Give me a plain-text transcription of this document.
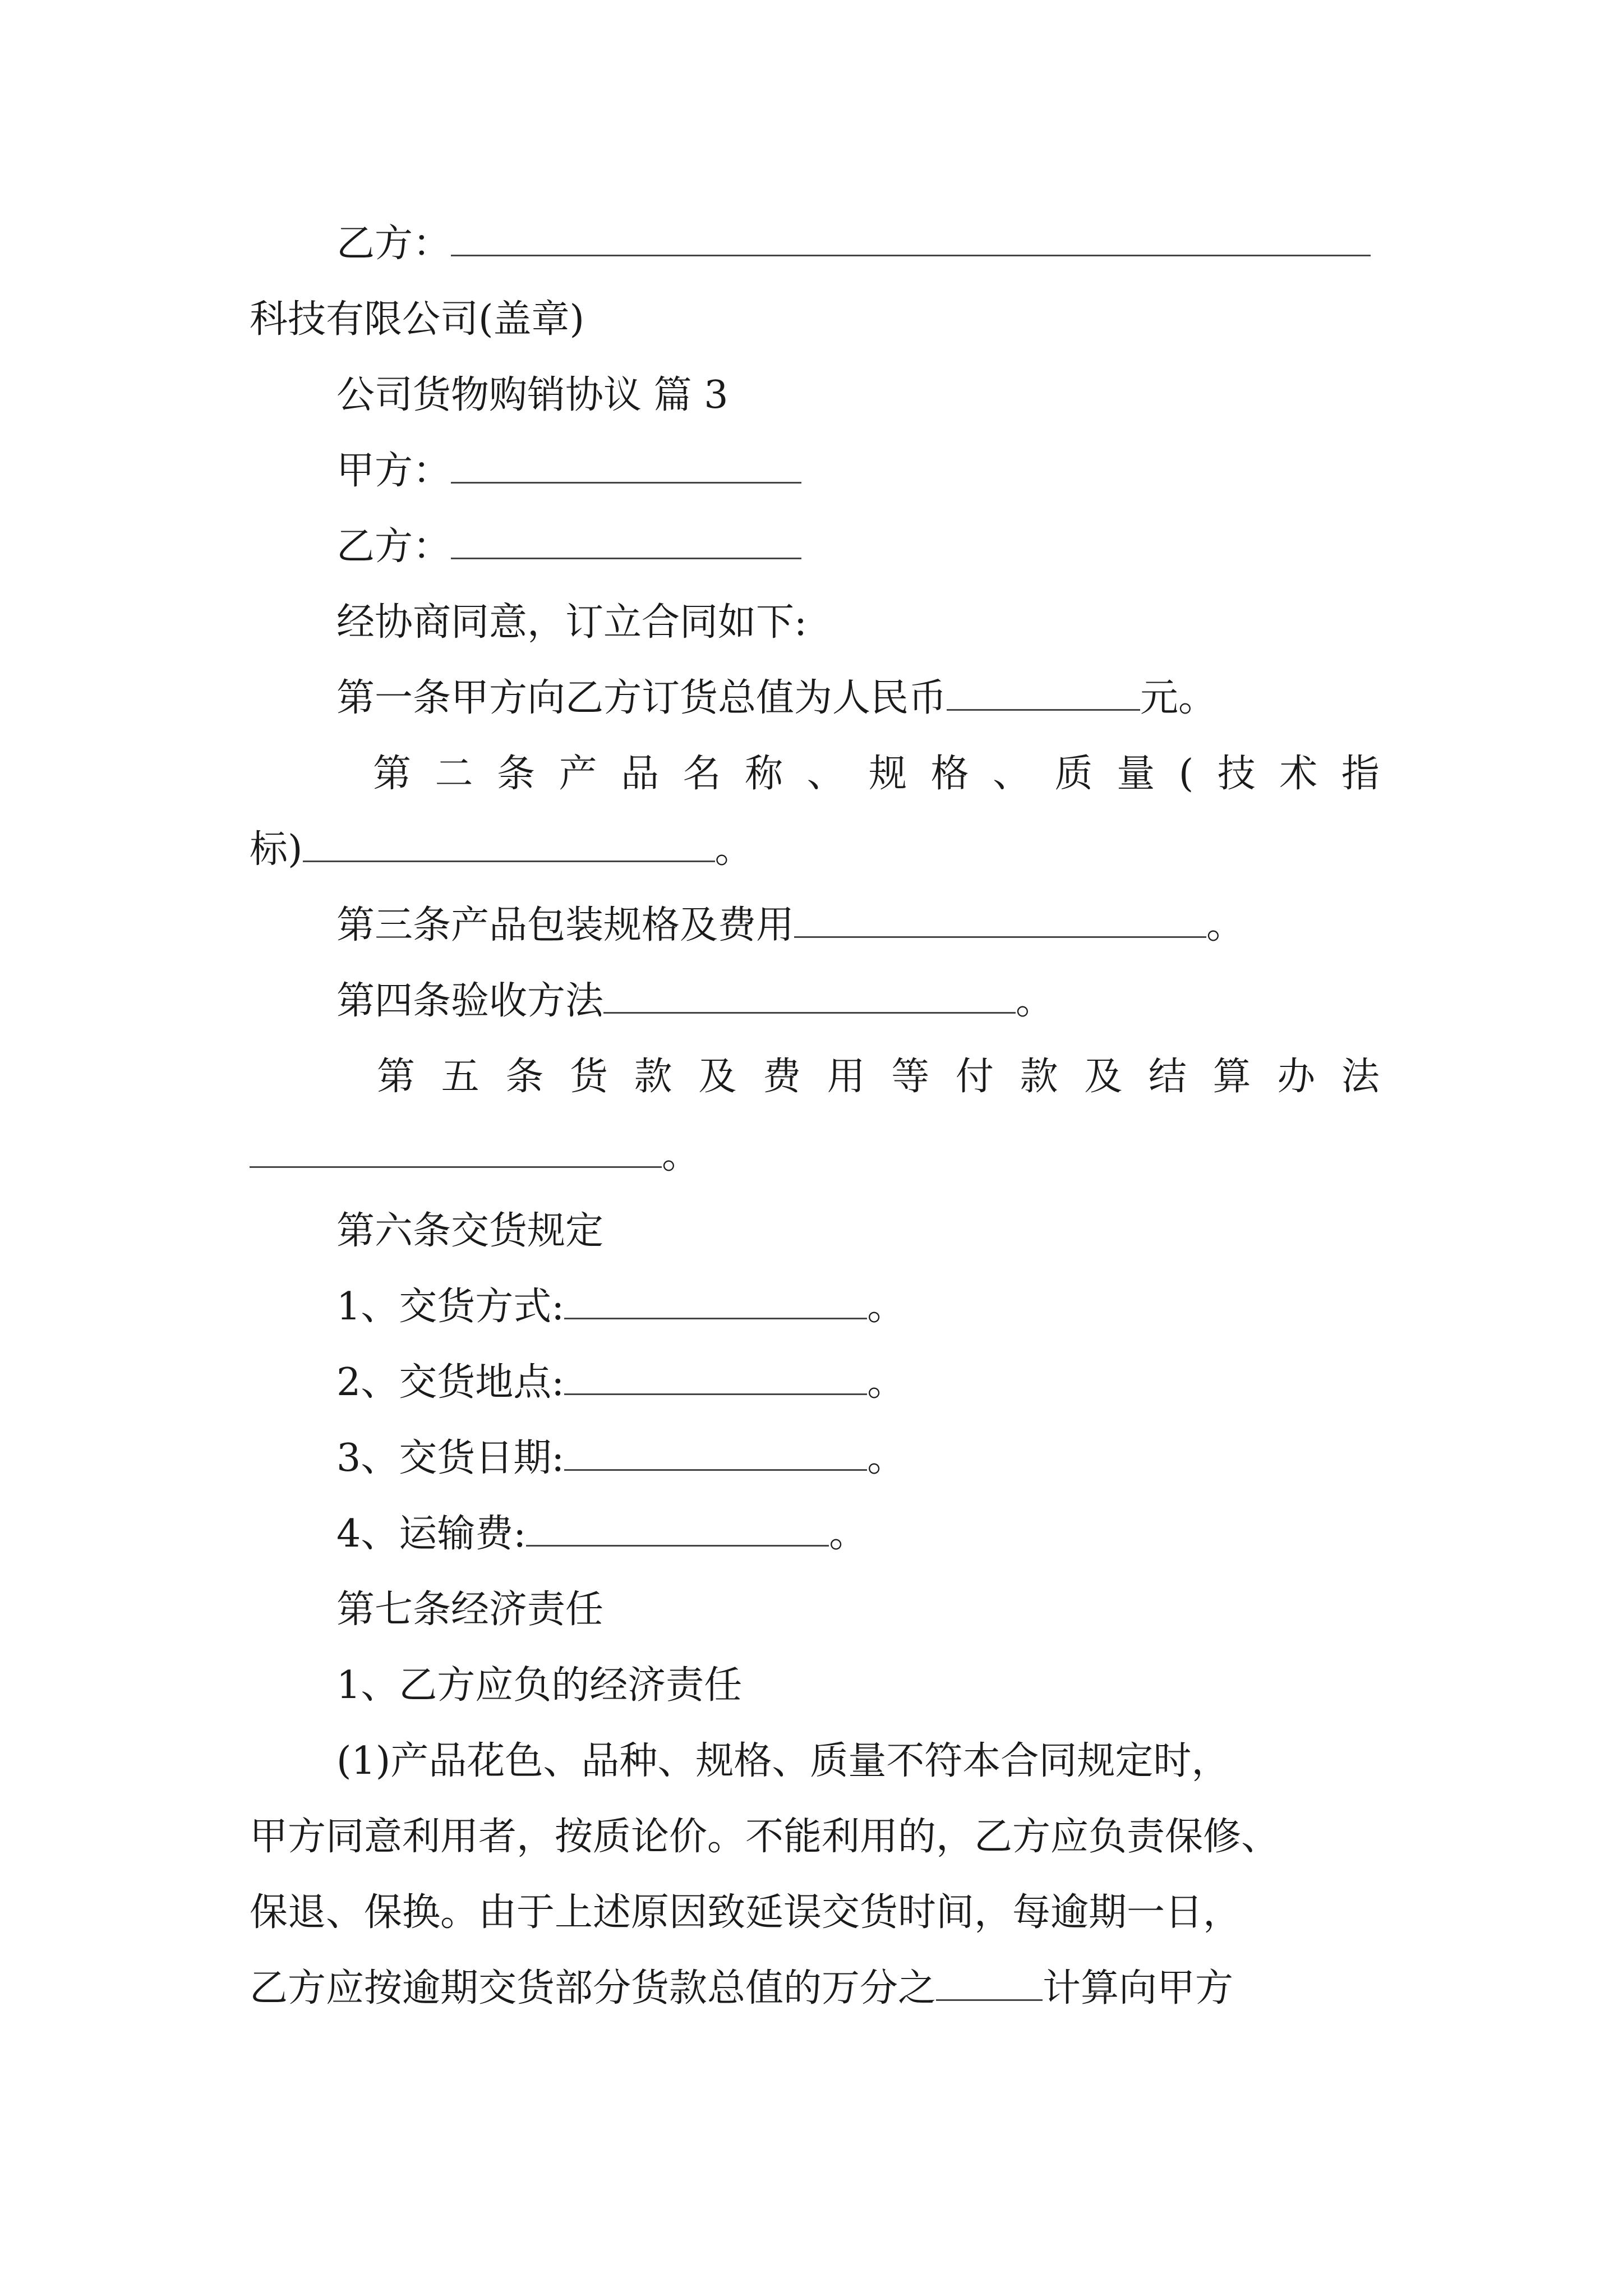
乙方：
科技有限公司(盖章)
公司货物购销协议 篇 3
甲方：
乙方：
经协商同意，订立合同如下:
第一条甲方向乙方订货总值为人民币	元。
第 二 条 产 品 名 称 、 规 格 、 质 量 ( 技 术 指
标)	。
第三条产品包装规格及费用	。
第四条验收方法	。
第 五 条 货 款 及 费 用 等 付 款 及 结 算 办 法
。
第六条交货规定
1、交货方式:	。
2、交货地点:	。
3、交货日期:	。
4、运输费:	。
第七条经济责任
1、乙方应负的经济责任
(1)产品花色、品种、规格、质量不符本合同规定时，
甲方同意利用者，按质论价。不能利用的，乙方应负责保修、
保退、保换。由于上述原因致延误交货时间，每逾期一日，
乙方应按逾期交货部分货款总值的万分之	计算向甲方
